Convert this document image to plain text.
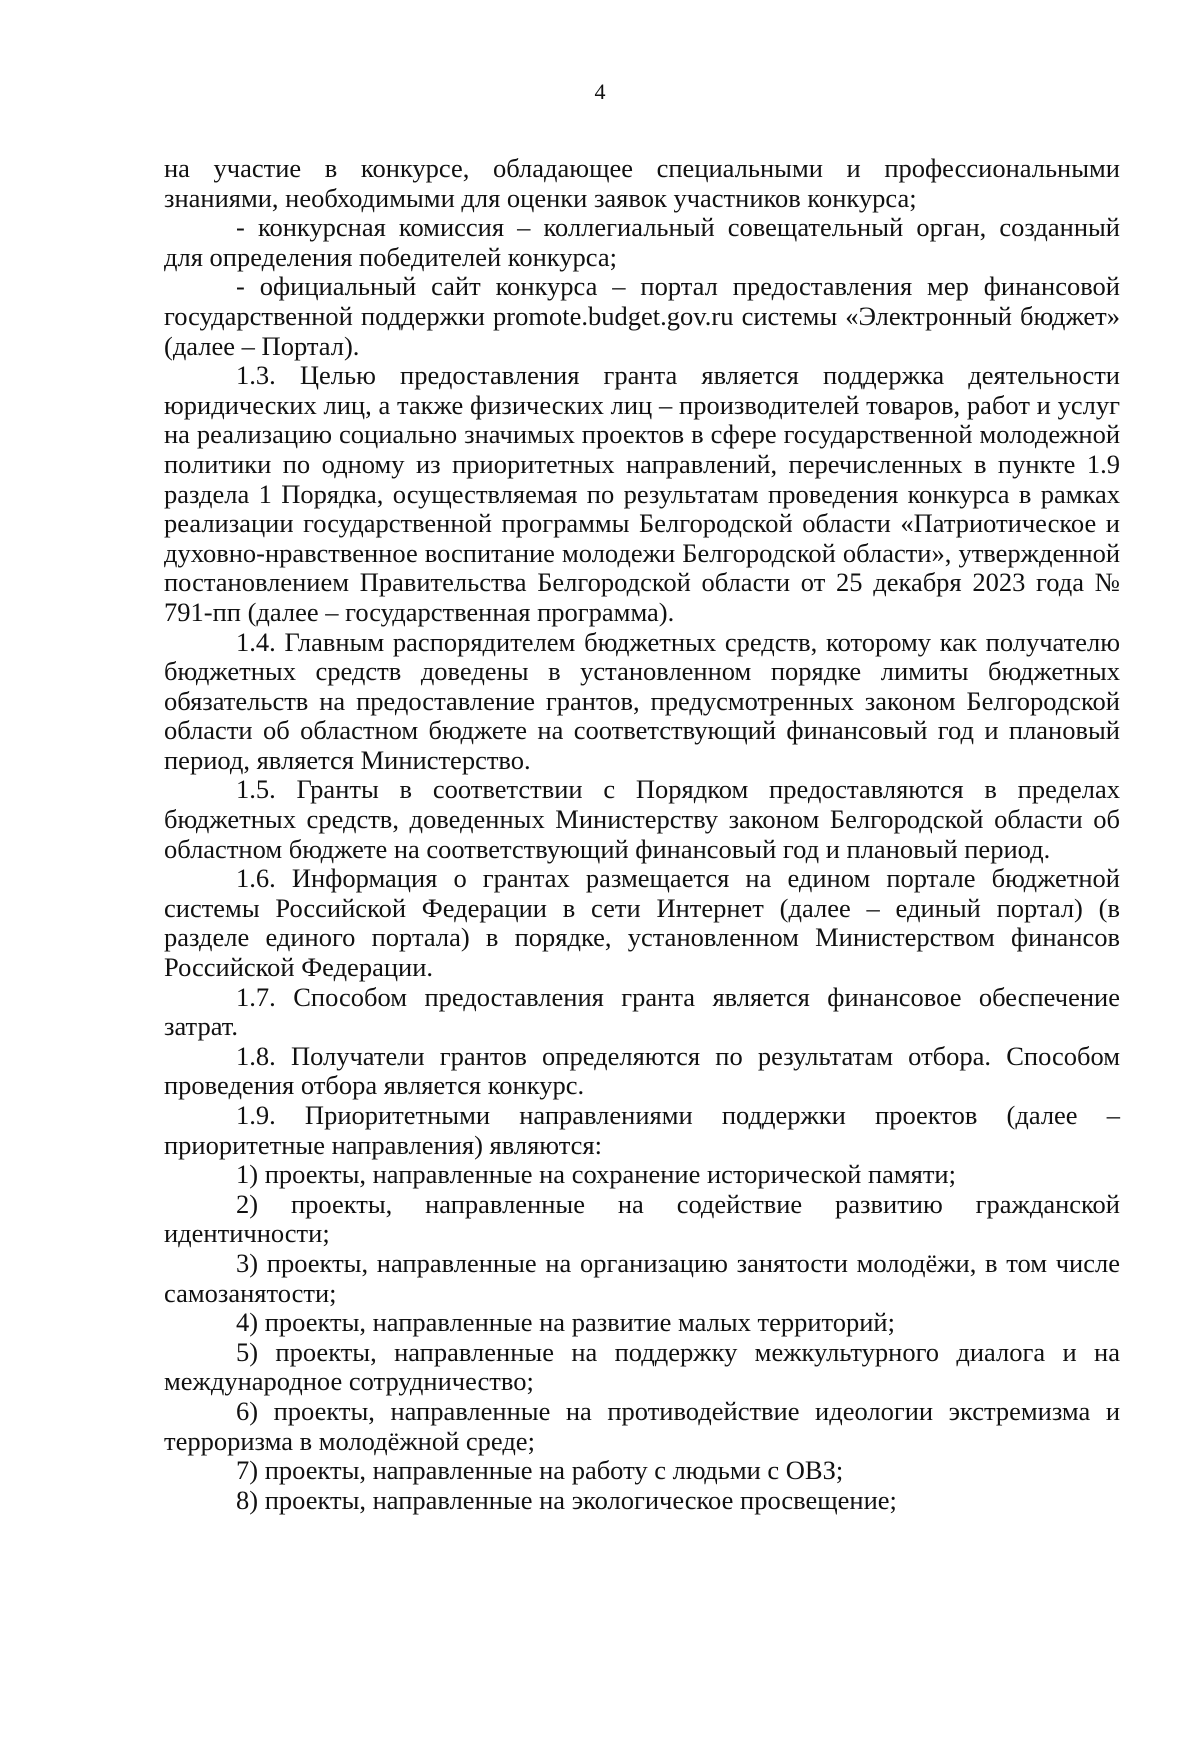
4

на участие в конкурсе, обладающее специальными и профессиональными знаниями, необходимыми для оценки заявок участников конкурса;

- конкурсная комиссия – коллегиальный совещательный орган, созданный для определения победителей конкурса;

- официальный сайт конкурса – портал предоставления мер финансовой государственной поддержки promote.budget.gov.ru системы «Электронный бюджет» (далее – Портал).

1.3. Целью предоставления гранта является поддержка деятельности юридических лиц, а также физических лиц – производителей товаров, работ и услуг на реализацию социально значимых проектов в сфере государственной молодежной политики по одному из приоритетных направлений, перечисленных в пункте 1.9 раздела 1 Порядка, осуществляемая по результатам проведения конкурса в рамках реализации государственной программы Белгородской области «Патриотическое и духовно-нравственное воспитание молодежи Белгородской области», утвержденной постановлением Правительства Белгородской области от 25 декабря 2023 года № 791-пп (далее – государственная программа).

1.4. Главным распорядителем бюджетных средств, которому как получателю бюджетных средств доведены в установленном порядке лимиты бюджетных обязательств на предоставление грантов, предусмотренных законом Белгородской области об областном бюджете на соответствующий финансовый год и плановый период, является Министерство.

1.5. Гранты в соответствии с Порядком предоставляются в пределах бюджетных средств, доведенных Министерству законом Белгородской области об областном бюджете на соответствующий финансовый год и плановый период.

1.6. Информация о грантах размещается на едином портале бюджетной системы Российской Федерации в сети Интернет (далее – единый портал) (в разделе единого портала) в порядке, установленном Министерством финансов Российской Федерации.

1.7. Способом предоставления гранта является финансовое обеспечение затрат.

1.8. Получатели грантов определяются по результатам отбора. Способом проведения отбора является конкурс.

1.9. Приоритетными направлениями поддержки проектов (далее – приоритетные направления) являются:

1) проекты, направленные на сохранение исторической памяти;

2) проекты, направленные на содействие развитию гражданской идентичности;

3) проекты, направленные на организацию занятости молодёжи, в том числе самозанятости;

4) проекты, направленные на развитие малых территорий;

5) проекты, направленные на поддержку межкультурного диалога и на международное сотрудничество;

6) проекты, направленные на противодействие идеологии экстремизма и терроризма в молодёжной среде;

7) проекты, направленные на работу с людьми с ОВЗ;

8) проекты, направленные на экологическое просвещение;
